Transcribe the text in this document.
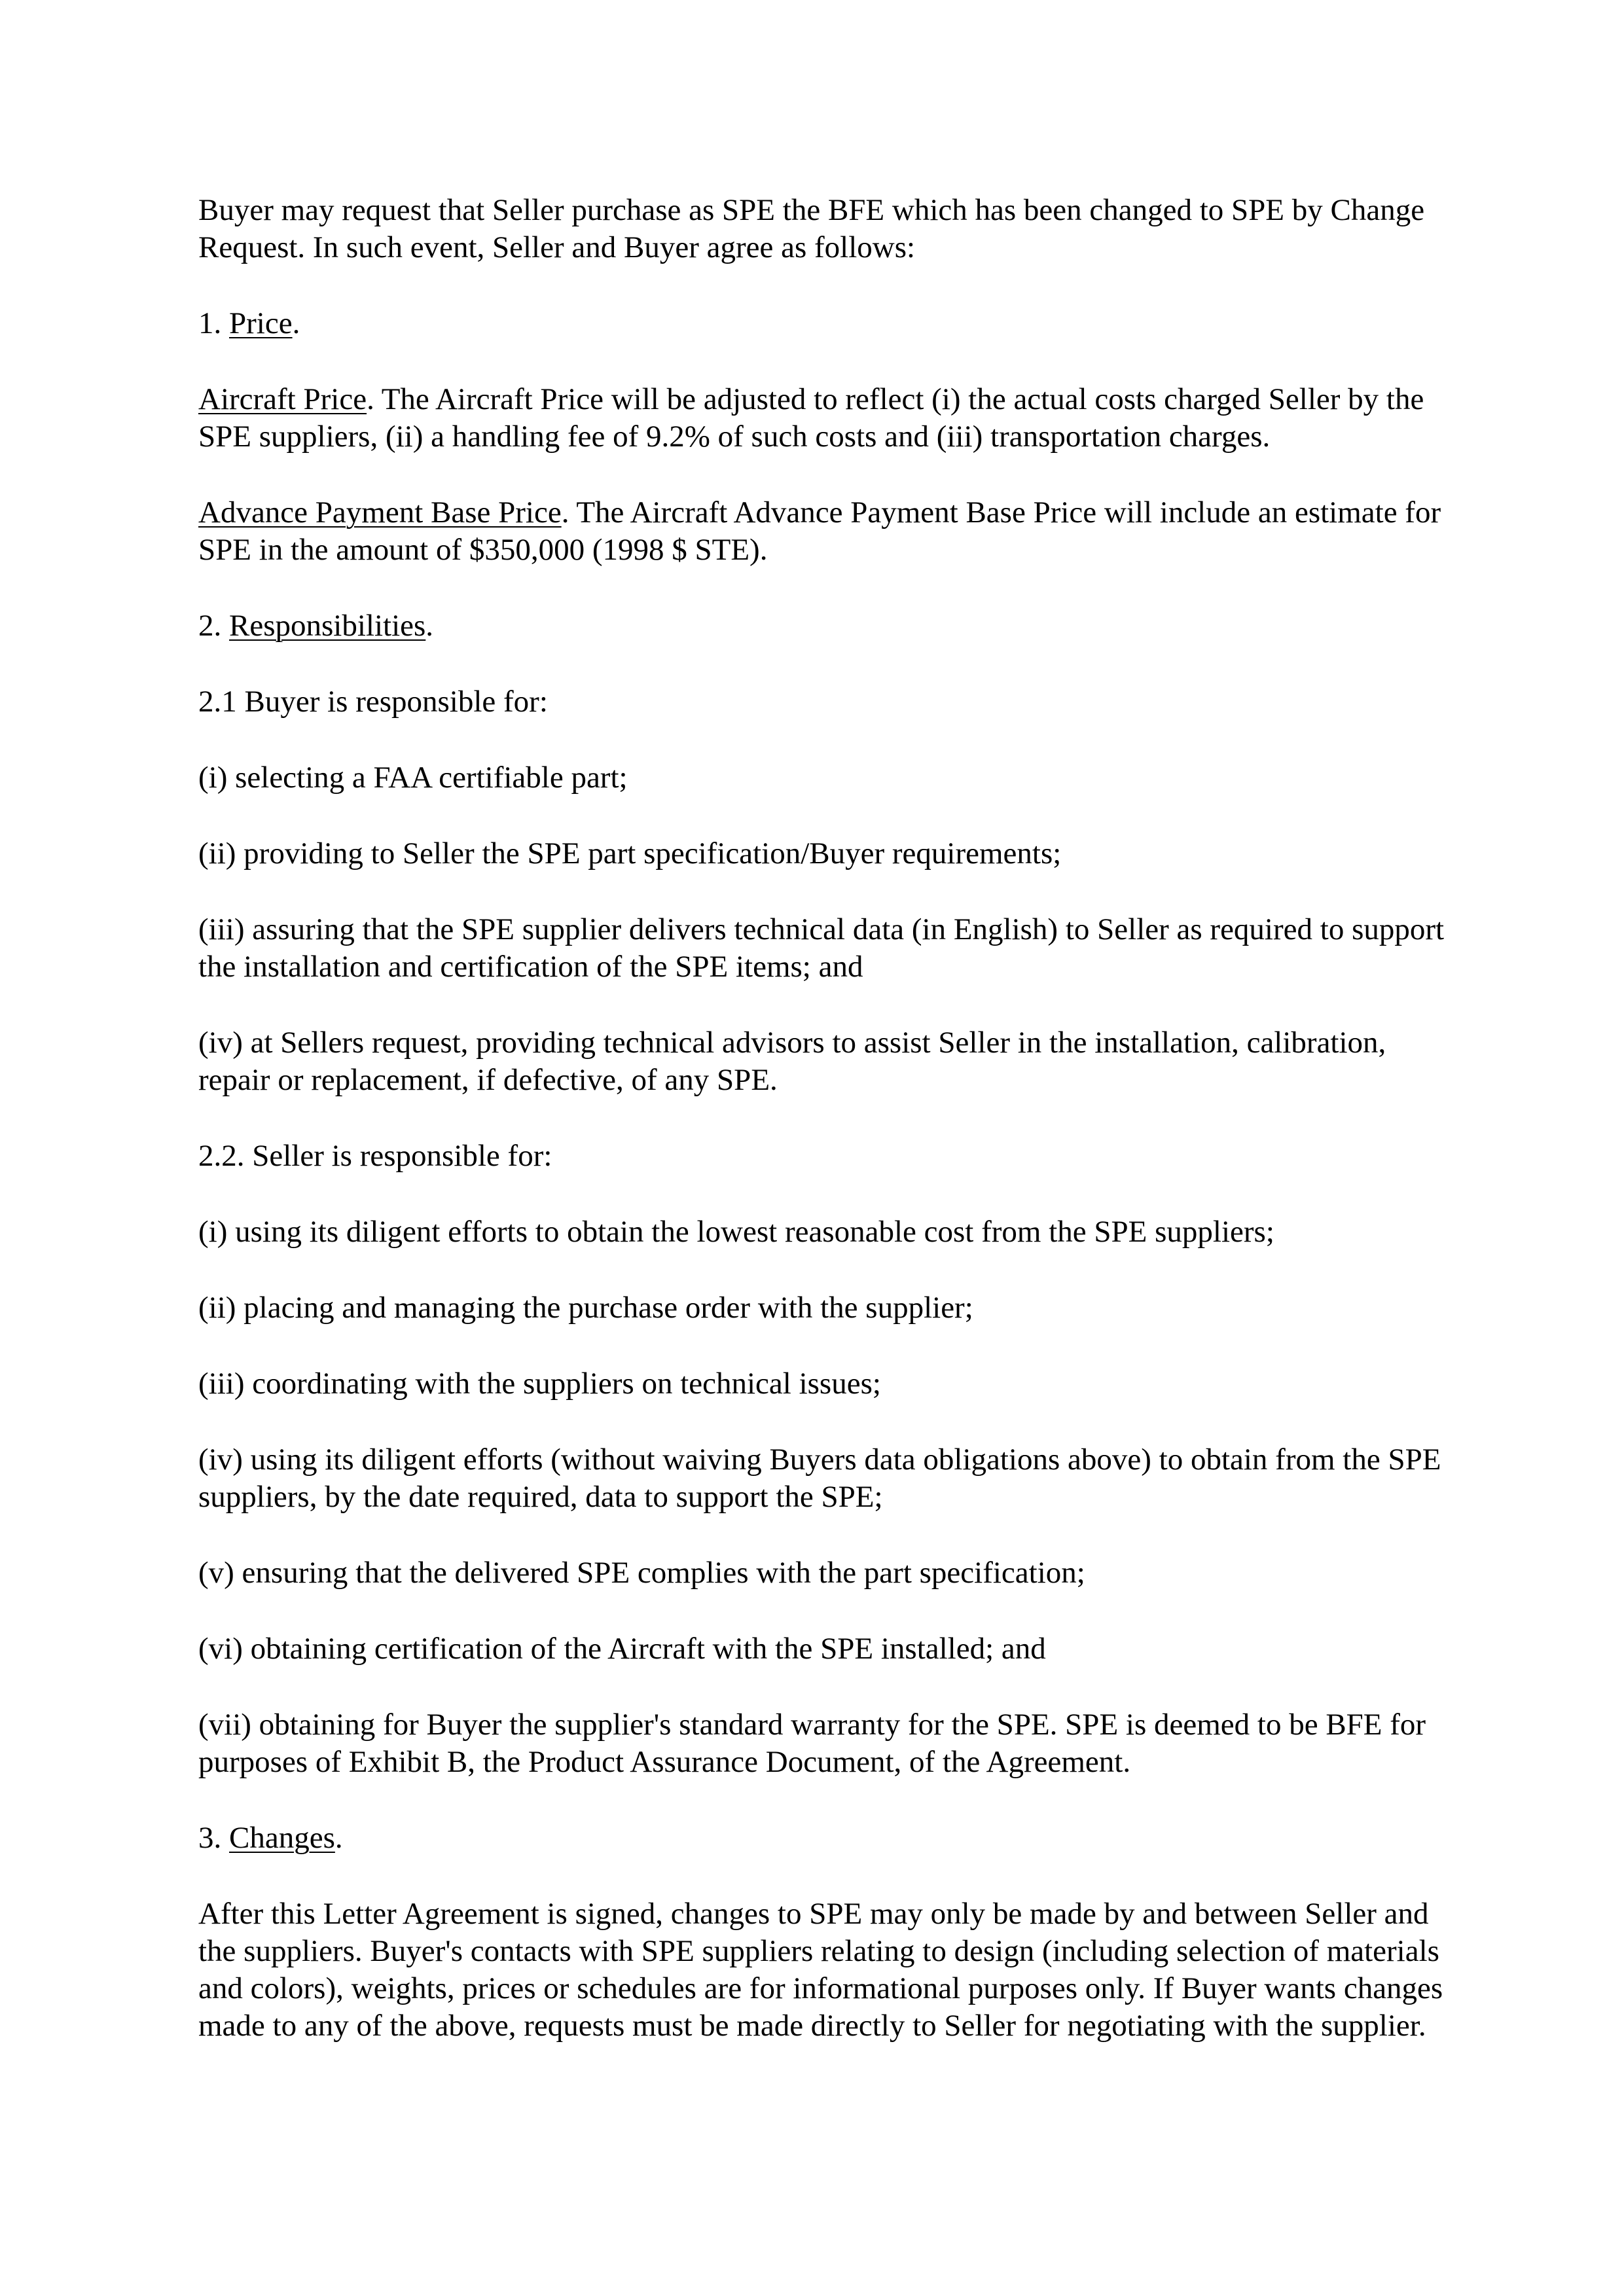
Buyer may request that Seller purchase as SPE the BFE which has been changed to SPE by Change Request. In such event, Seller and Buyer agree as follows:

1. Price.

Aircraft Price. The Aircraft Price will be adjusted to reflect (i) the actual costs charged Seller by the SPE suppliers, (ii) a handling fee of 9.2% of such costs and (iii) transportation charges.

Advance Payment Base Price. The Aircraft Advance Payment Base Price will include an estimate for SPE in the amount of $350,000 (1998 $ STE).

2. Responsibilities.

2.1 Buyer is responsible for:

(i) selecting a FAA certifiable part;

(ii) providing to Seller the SPE part specification/Buyer requirements;

(iii) assuring that the SPE supplier delivers technical data (in English) to Seller as required to support the installation and certification of the SPE items; and

(iv) at Sellers request, providing technical advisors to assist Seller in the installation, calibration, repair or replacement, if defective, of any SPE.

2.2. Seller is responsible for:

(i) using its diligent efforts to obtain the lowest reasonable cost from the SPE suppliers;

(ii) placing and managing the purchase order with the supplier;

(iii) coordinating with the suppliers on technical issues;

(iv) using its diligent efforts (without waiving Buyers data obligations above) to obtain from the SPE suppliers, by the date required, data to support the SPE;

(v) ensuring that the delivered SPE complies with the part specification;

(vi) obtaining certification of the Aircraft with the SPE installed; and

(vii) obtaining for Buyer the supplier's standard warranty for the SPE. SPE is deemed to be BFE for purposes of Exhibit B, the Product Assurance Document, of the Agreement.

3. Changes.

After this Letter Agreement is signed, changes to SPE may only be made by and between Seller and the suppliers. Buyer's contacts with SPE suppliers relating to design (including selection of materials and colors), weights, prices or schedules are for informational purposes only. If Buyer wants changes made to any of the above, requests must be made directly to Seller for negotiating with the supplier.
